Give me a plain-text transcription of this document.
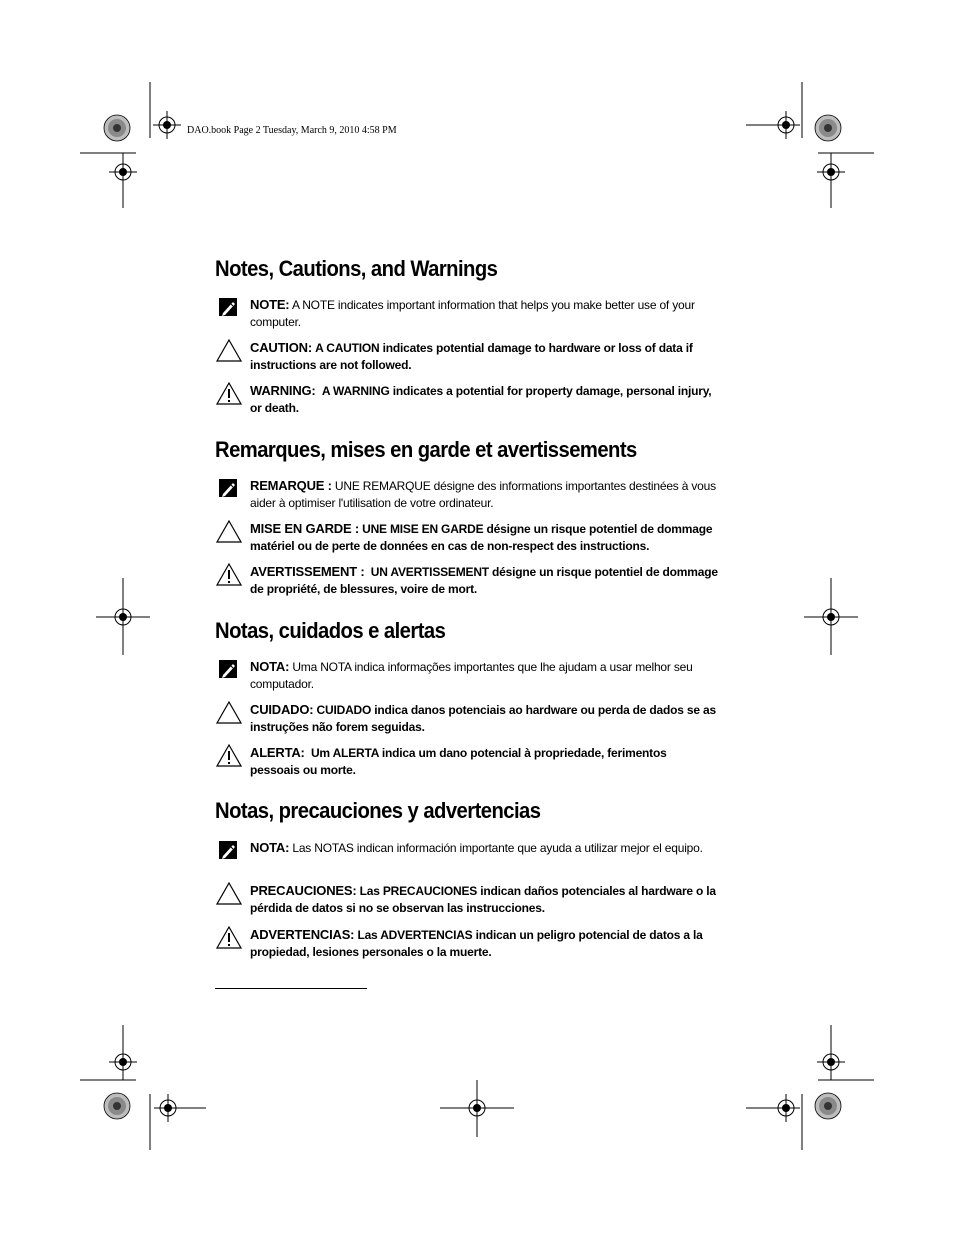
DAO.book Page 2 Tuesday, March 9, 2010 4:58 PM
Notes, Cautions, and Warnings
NOTE: A NOTE indicates important information that helps you make better use of your computer.
CAUTION: A CAUTION indicates potential damage to hardware or loss of data if instructions are not followed.
WARNING: A WARNING indicates a potential for property damage, personal injury, or death.
Remarques, mises en garde et avertissements
REMARQUE : UNE REMARQUE désigne des informations importantes destinées à vous aider à optimiser l'utilisation de votre ordinateur.
MISE EN GARDE : UNE MISE EN GARDE désigne un risque potentiel de dommage matériel ou de perte de données en cas de non-respect des instructions.
AVERTISSEMENT : UN AVERTISSEMENT désigne un risque potentiel de dommage de propriété, de blessures, voire de mort.
Notas, cuidados e alertas
NOTA: Uma NOTA indica informações importantes que lhe ajudam a usar melhor seu computador.
CUIDADO: CUIDADO indica danos potenciais ao hardware ou perda de dados se as instruções não forem seguidas.
ALERTA: Um ALERTA indica um dano potencial à propriedade, ferimentos pessoais ou morte.
Notas, precauciones y advertencias
NOTA: Las NOTAS indican información importante que ayuda a utilizar mejor el equipo.
PRECAUCIONES: Las PRECAUCIONES indican daños potenciales al hardware o la pérdida de datos si no se observan las instrucciones.
ADVERTENCIAS: Las ADVERTENCIAS indican un peligro potencial de datos a la propiedad, lesiones personales o la muerte.
